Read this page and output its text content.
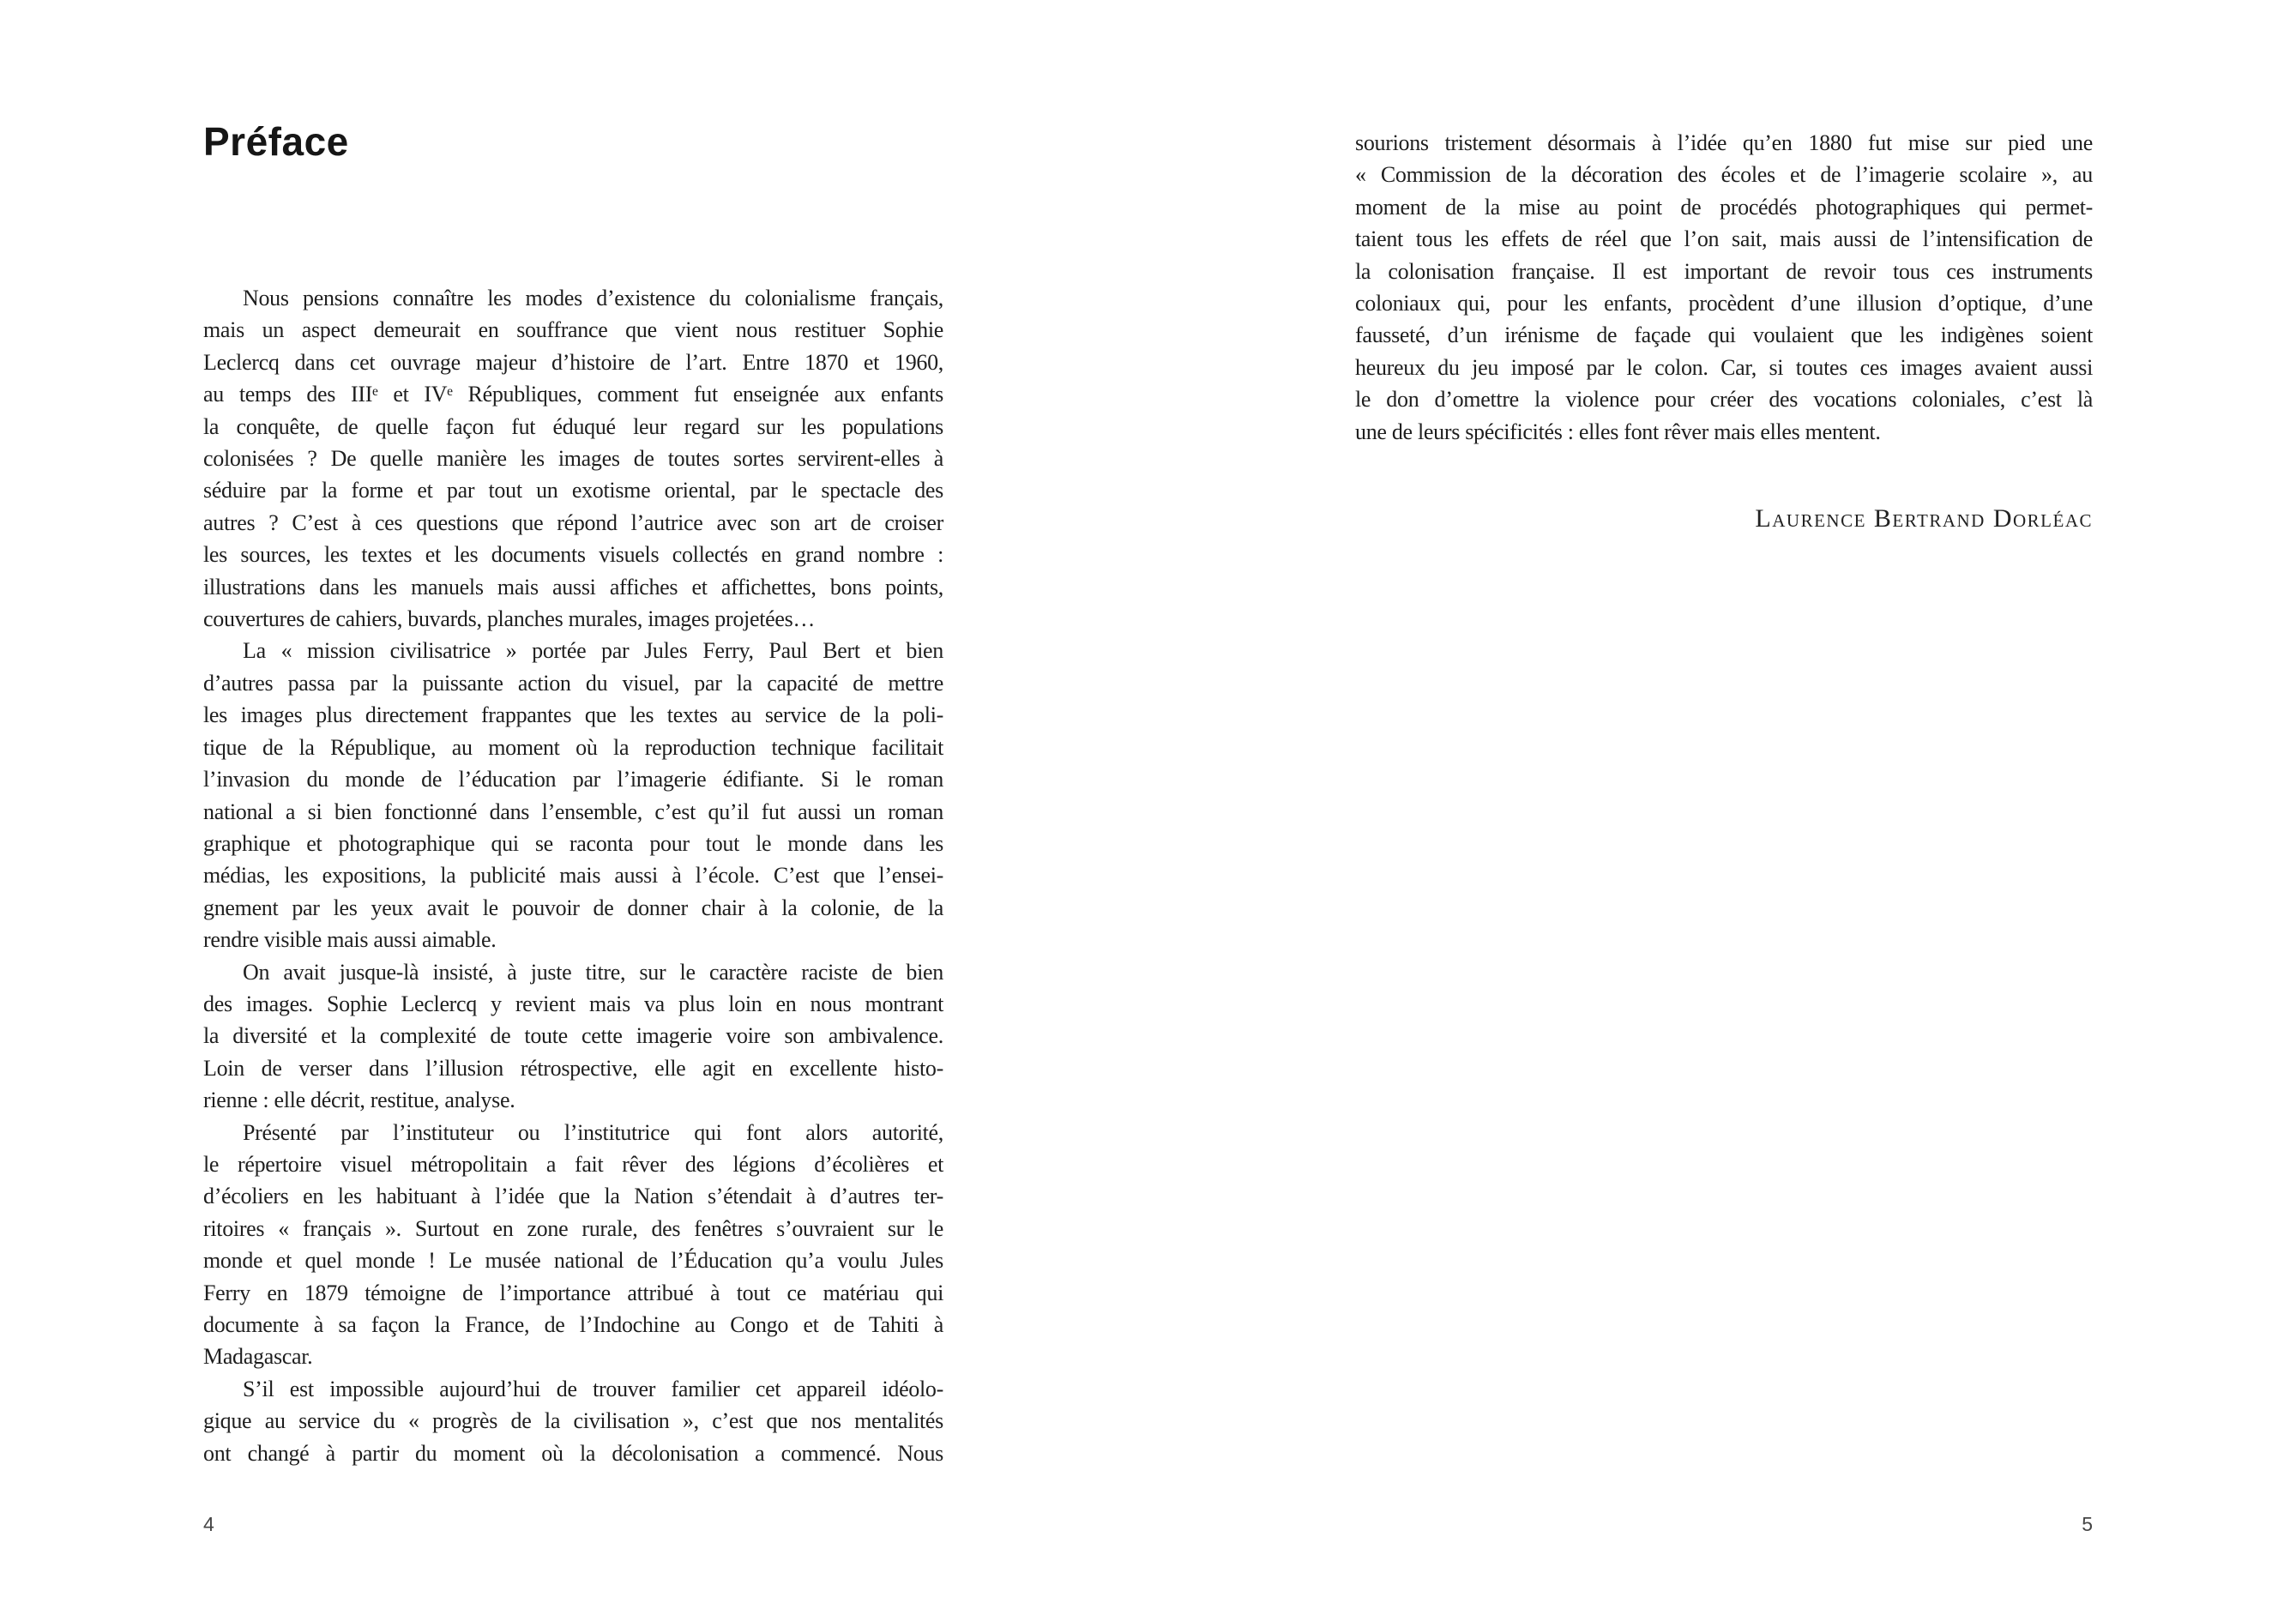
Préface
Nous pensions connaître les modes d’existence du colonialisme français,
mais un aspect demeurait en souffrance que vient nous restituer Sophie
Leclercq dans cet ouvrage majeur d’histoire de l’art. Entre 1870 et 1960,
au temps des IIIᵉ et IVᵉ Républiques, comment fut enseignée aux enfants
la conquête, de quelle façon fut éduqué leur regard sur les populations
colonisées ? De quelle manière les images de toutes sortes servirent-elles à
séduire par la forme et par tout un exotisme oriental, par le spectacle des
autres ? C’est à ces questions que répond l’autrice avec son art de croiser
les sources, les textes et les documents visuels collectés en grand nombre :
illustrations dans les manuels mais aussi affiches et affichettes, bons points,
couvertures de cahiers, buvards, planches murales, images projetées…
La « mission civilisatrice » portée par Jules Ferry, Paul Bert et bien
d’autres passa par la puissante action du visuel, par la capacité de mettre
les images plus directement frappantes que les textes au service de la poli-
tique de la République, au moment où la reproduction technique facilitait
l’invasion du monde de l’éducation par l’imagerie édifiante. Si le roman
national a si bien fonctionné dans l’ensemble, c’est qu’il fut aussi un roman
graphique et photographique qui se raconta pour tout le monde dans les
médias, les expositions, la publicité mais aussi à l’école. C’est que l’ensei-
gnement par les yeux avait le pouvoir de donner chair à la colonie, de la
rendre visible mais aussi aimable.
On avait jusque-là insisté, à juste titre, sur le caractère raciste de bien
des images. Sophie Leclercq y revient mais va plus loin en nous montrant
la diversité et la complexité de toute cette imagerie voire son ambivalence.
Loin de verser dans l’illusion rétrospective, elle agit en excellente histo-
rienne : elle décrit, restitue, analyse.
Présenté par l’instituteur ou l’institutrice qui font alors autorité,
le répertoire visuel métropolitain a fait rêver des légions d’écolières et
d’écoliers en les habituant à l’idée que la Nation s’étendait à d’autres ter-
ritoires « français ». Surtout en zone rurale, des fenêtres s’ouvraient sur le
monde et quel monde ! Le musée national de l’Éducation qu’a voulu Jules
Ferry en 1879 témoigne de l’importance attribué à tout ce matériau qui
documente à sa façon la France, de l’Indochine au Congo et de Tahiti à
Madagascar.
S’il est impossible aujourd’hui de trouver familier cet appareil idéolo-
gique au service du « progrès de la civilisation », c’est que nos mentalités
ont changé à partir du moment où la décolonisation a commencé. Nous
4
sourions tristement désormais à l’idée qu’en 1880 fut mise sur pied une
« Commission de la décoration des écoles et de l’imagerie scolaire », au
moment de la mise au point de procédés photographiques qui permet-
taient tous les effets de réel que l’on sait, mais aussi de l’intensification de
la colonisation française. Il est important de revoir tous ces instruments
coloniaux qui, pour les enfants, procèdent d’une illusion d’optique, d’une
fausseté, d’un irénisme de façade qui voulaient que les indigènes soient
heureux du jeu imposé par le colon. Car, si toutes ces images avaient aussi
le don d’omettre la violence pour créer des vocations coloniales, c’est là
une de leurs spécificités : elles font rêver mais elles mentent.
Laurence Bertrand Dorléac
5
